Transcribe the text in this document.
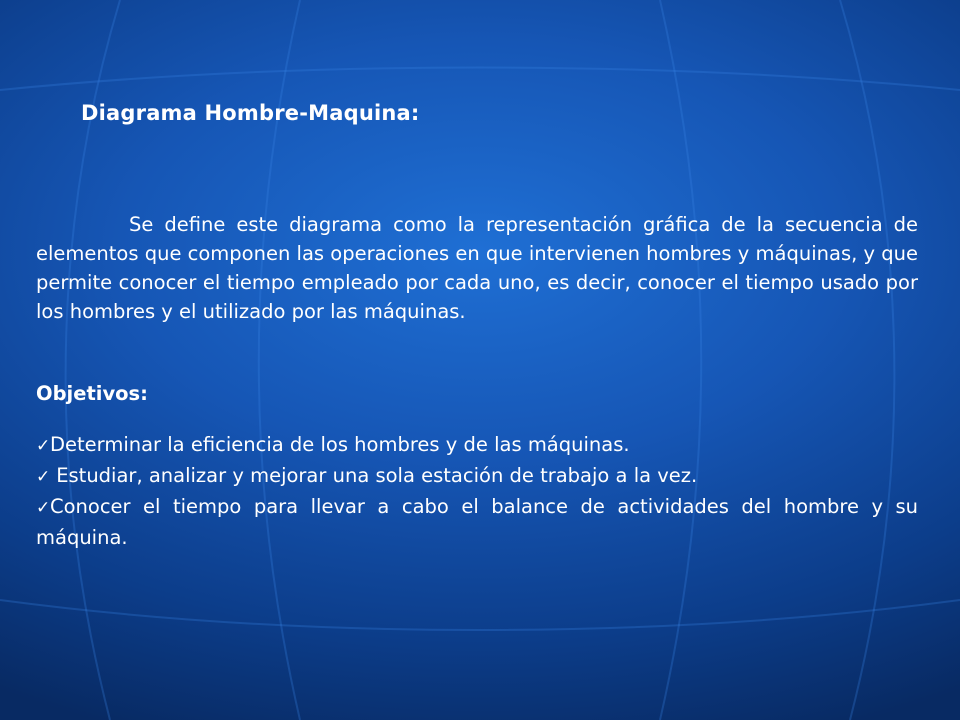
Diagrama Hombre-Maquina:

Se define este diagrama como la representación gráfica de la secuencia de elementos que componen las operaciones en que intervienen hombres y máquinas, y que permite conocer el tiempo empleado por cada uno, es decir, conocer el tiempo usado por los hombres y el utilizado por las máquinas.

Objetivos:
✓Determinar la eficiencia de los hombres y de las máquinas.
✓ Estudiar, analizar y mejorar una sola estación de trabajo a la vez.
✓Conocer el tiempo para llevar a cabo el balance de actividades del hombre y su máquina.
